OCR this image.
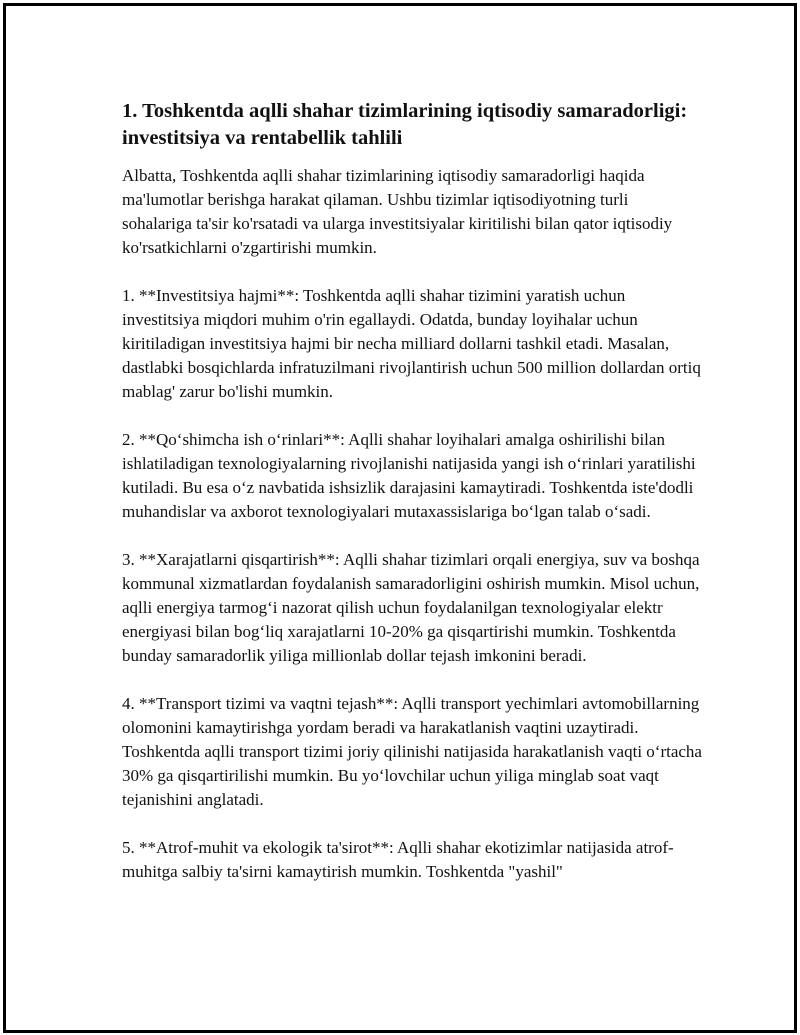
1. Toshkentda aqlli shahar tizimlarining iqtisodiy samaradorligi: investitsiya va rentabellik tahlili

Albatta, Toshkentda aqlli shahar tizimlarining iqtisodiy samaradorligi haqida ma'lumotlar berishga harakat qilaman. Ushbu tizimlar iqtisodiyotning turli sohalariga ta'sir ko'rsatadi va ularga investitsiyalar kiritilishi bilan qator iqtisodiy ko'rsatkichlarni o'zgartirishi mumkin.

1. **Investitsiya hajmi**: Toshkentda aqlli shahar tizimini yaratish uchun investitsiya miqdori muhim o'rin egallaydi. Odatda, bunday loyihalar uchun kiritiladigan investitsiya hajmi bir necha milliard dollarni tashkil etadi. Masalan, dastlabki bosqichlarda infratuzilmani rivojlantirish uchun 500 million dollardan ortiq mablag' zarur bo'lishi mumkin.

2. **Qo‘shimcha ish o‘rinlari**: Aqlli shahar loyihalari amalga oshirilishi bilan ishlatiladigan texnologiyalarning rivojlanishi natijasida yangi ish o‘rinlari yaratilishi kutiladi. Bu esa o‘z navbatida ishsizlik darajasini kamaytiradi. Toshkentda iste'dodli muhandislar va axborot texnologiyalari mutaxassislariga bo‘lgan talab o‘sadi.

3. **Xarajatlarni qisqartirish**: Aqlli shahar tizimlari orqali energiya, suv va boshqa kommunal xizmatlardan foydalanish samaradorligini oshirish mumkin. Misol uchun, aqlli energiya tarmog‘i nazorat qilish uchun foydalanilgan texnologiyalar elektr energiyasi bilan bog‘liq xarajatlarni 10-20% ga qisqartirishi mumkin. Toshkentda bunday samaradorlik yiliga millionlab dollar tejash imkonini beradi.

4. **Transport tizimi va vaqtni tejash**: Aqlli transport yechimlari avtomobillarning olomonini kamaytirishga yordam beradi va harakatlanish vaqtini uzaytiradi. Toshkentda aqlli transport tizimi joriy qilinishi natijasida harakatlanish vaqti o‘rtacha 30% ga qisqartirilishi mumkin. Bu yo‘lovchilar uchun yiliga minglab soat vaqt tejanishini anglatadi.

5. **Atrof-muhit va ekologik ta'sirot**: Aqlli shahar ekotizimlar natijasida atrof-muhitga salbiy ta'sirni kamaytirish mumkin. Toshkentda "yashil"
